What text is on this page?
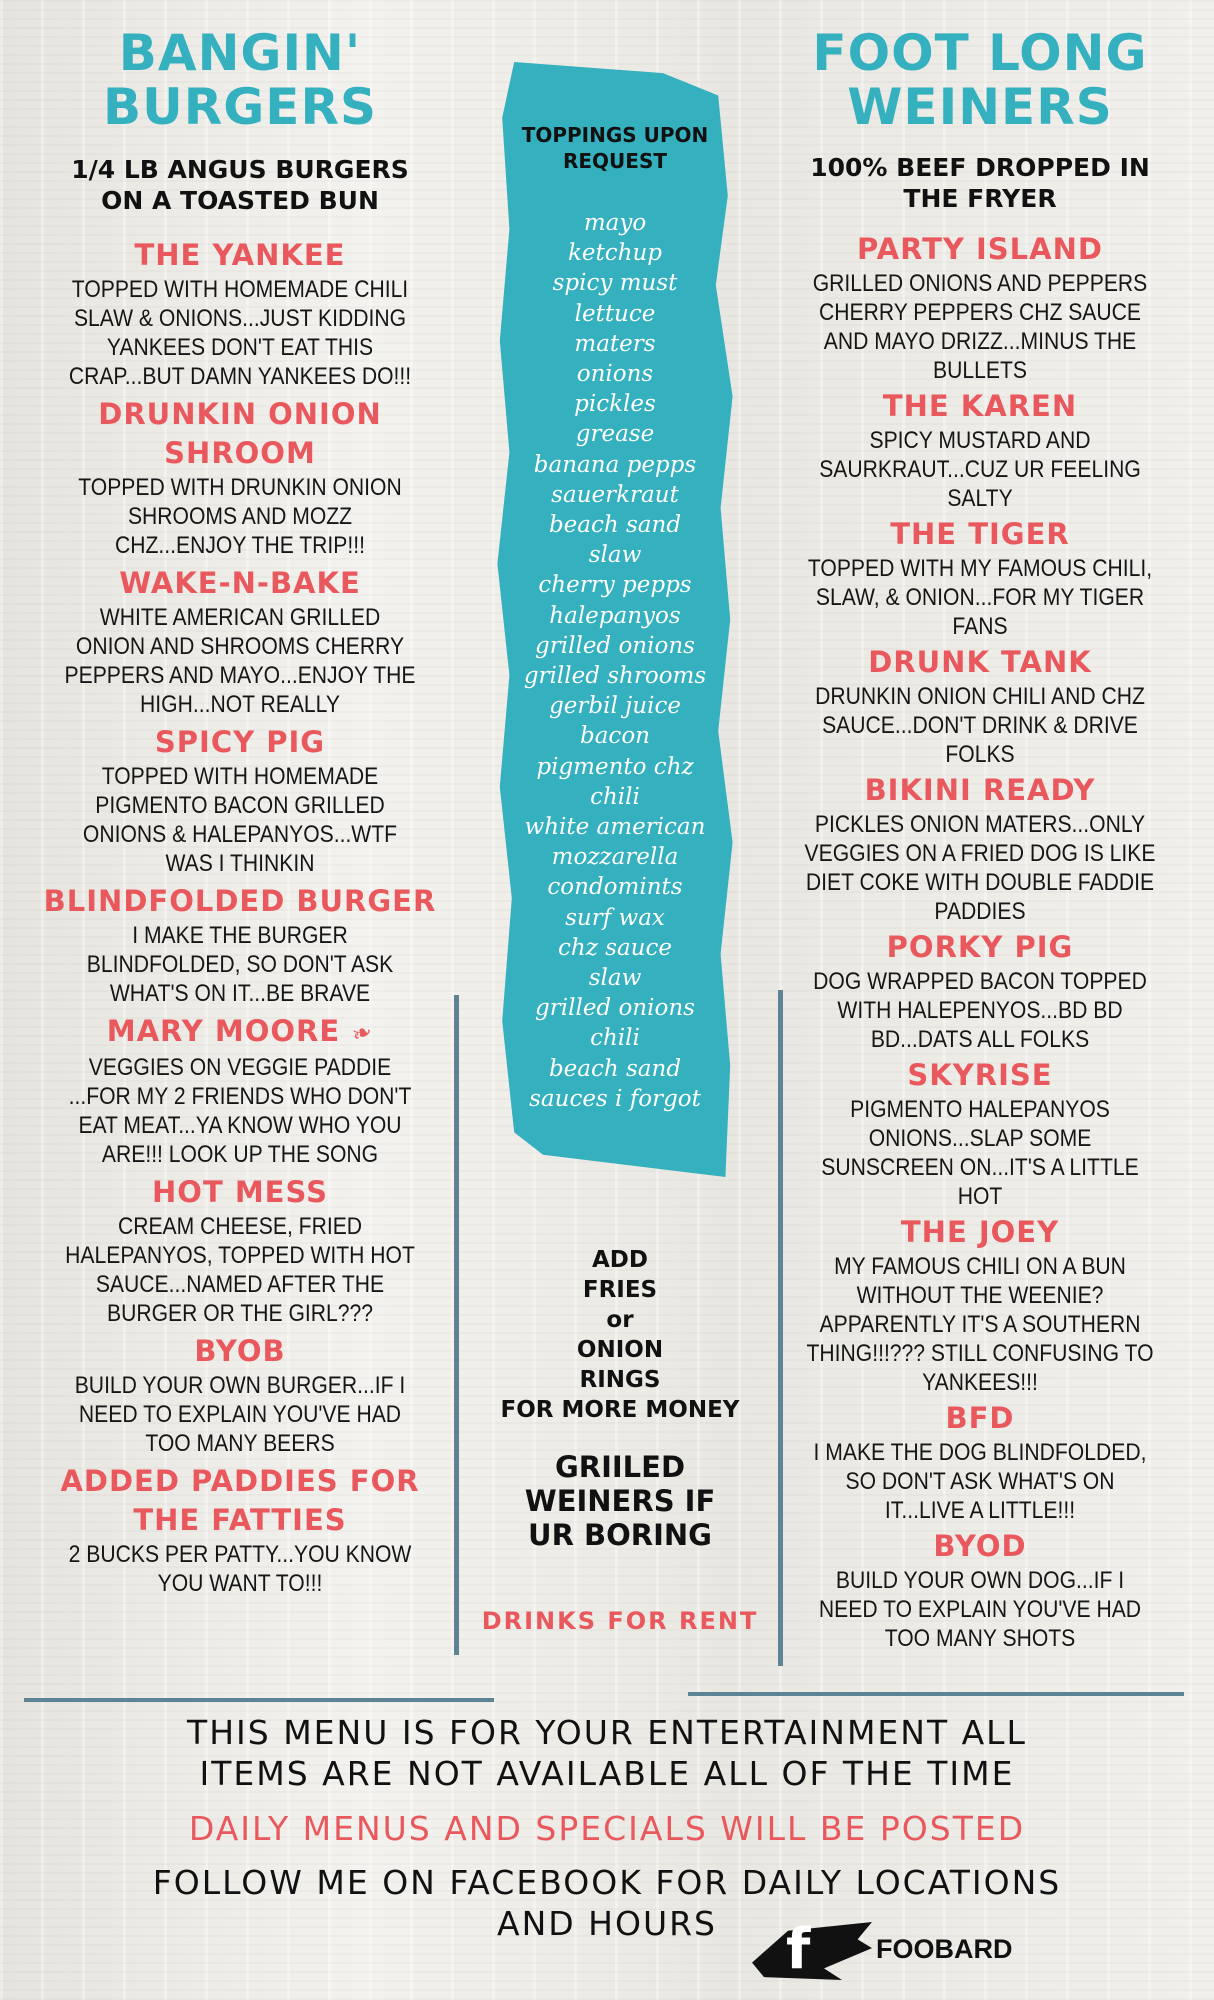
BANGIN'
BURGERS
1/4 LB ANGUS BURGERS ON A TOASTED BUN
THE YANKEE
TOPPED WITH HOMEMADE CHILI SLAW & ONIONS...JUST KIDDING YANKEES DON'T EAT THIS CRAP...BUT DAMN YANKEES DO!!!
DRUNKIN ONION SHROOM
TOPPED WITH DRUNKIN ONION SHROOMS AND MOZZ CHZ...ENJOY THE TRIP!!!
WAKE-N-BAKE
WHITE AMERICAN GRILLED ONION AND SHROOMS CHERRY PEPPERS AND MAYO...ENJOY THE HIGH...NOT REALLY
SPICY PIG
TOPPED WITH HOMEMADE PIGMENTO BACON GRILLED ONIONS & HALEPANYOS...WTF WAS I THINKIN
BLINDFOLDED BURGER
I MAKE THE BURGER BLINDFOLDED, SO DON'T ASK WHAT'S ON IT...BE BRAVE
MARY MOORE ❧
VEGGIES ON VEGGIE PADDIE ...FOR MY 2 FRIENDS WHO DON'T EAT MEAT...YA KNOW WHO YOU ARE!!! LOOK UP THE SONG
HOT MESS
CREAM CHEESE, FRIED HALEPANYOS, TOPPED WITH HOT SAUCE...NAMED AFTER THE BURGER OR THE GIRL???
BYOB
BUILD YOUR OWN BURGER...IF I NEED TO EXPLAIN YOU'VE HAD TOO MANY BEERS
ADDED PADDIES FOR THE FATTIES
2 BUCKS PER PATTY...YOU KNOW YOU WANT TO!!!
FOOT LONG
WEINERS
100% BEEF DROPPED IN THE FRYER
PARTY ISLAND
GRILLED ONIONS AND PEPPERS CHERRY PEPPERS CHZ SAUCE AND MAYO DRIZZ...MINUS THE BULLETS
THE KAREN
SPICY MUSTARD AND SAURKRAUT...CUZ UR FEELING SALTY
THE TIGER
TOPPED WITH MY FAMOUS CHILI, SLAW, & ONION...FOR MY TIGER FANS
DRUNK TANK
DRUNKIN ONION CHILI AND CHZ SAUCE...DON'T DRINK & DRIVE FOLKS
BIKINI READY
PICKLES ONION MATERS...ONLY VEGGIES ON A FRIED DOG IS LIKE DIET COKE WITH DOUBLE FADDIE PADDIES
PORKY PIG
DOG WRAPPED BACON TOPPED WITH HALEPENYOS...BD BD BD...DATS ALL FOLKS
SKYRISE
PIGMENTO HALEPANYOS ONIONS...SLAP SOME SUNSCREEN ON...IT'S A LITTLE HOT
THE JOEY
MY FAMOUS CHILI ON A BUN WITHOUT THE WEENIE? APPARENTLY IT'S A SOUTHERN THING!!!??? STILL CONFUSING TO YANKEES!!!
BFD
I MAKE THE DOG BLINDFOLDED, SO DON'T ASK WHAT'S ON IT...LIVE A LITTLE!!!
BYOD
BUILD YOUR OWN DOG...IF I NEED TO EXPLAIN YOU'VE HAD TOO MANY SHOTS
TOPPINGS UPON REQUEST
mayo
ketchup
spicy must
lettuce
maters
onions
pickles
grease
banana pepps
sauerkraut
beach sand
slaw
cherry pepps
halepanyos
grilled onions
grilled shrooms
gerbil juice
bacon
pigmento chz
chili
white american
mozzarella
condomints
surf wax
chz sauce
slaw
grilled onions
chili
beach sand
sauces i forgot
ADD
FRIES
or
ONION
RINGS
FOR MORE MONEY
GRIILED
WEINERS IF
UR BORING
DRINKS FOR RENT
THIS MENU IS FOR YOUR ENTERTAINMENT ALL
ITEMS ARE NOT AVAILABLE ALL OF THE TIME
DAILY MENUS AND SPECIALS WILL BE POSTED
FOLLOW ME ON FACEBOOK FOR DAILY LOCATIONS
AND HOURS	f FOOBARD
